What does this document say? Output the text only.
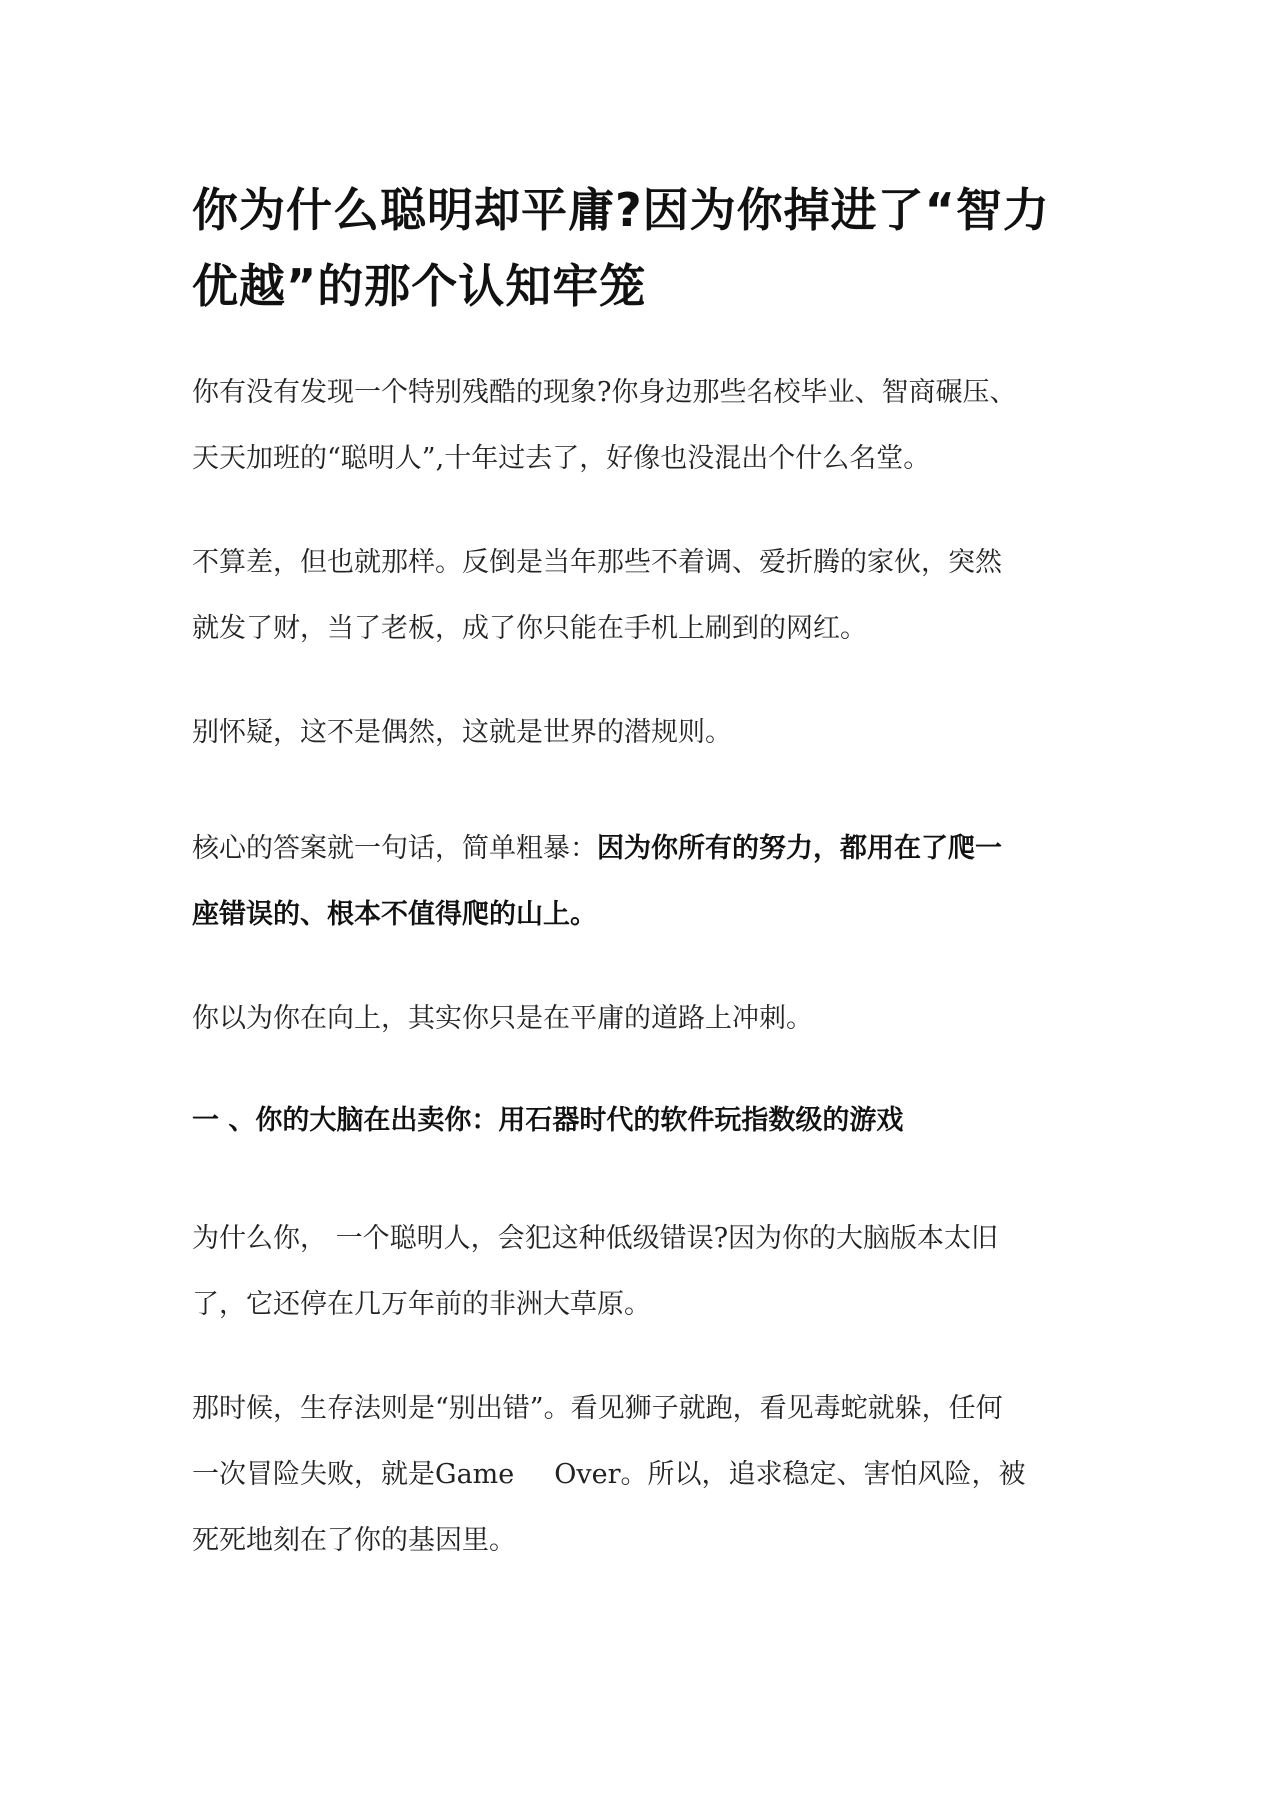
你为什么聪明却平庸?因为你掉进了“智力优越”的那个认知牢笼

你有没有发现一个特别残酷的现象?你身边那些名校毕业、智商碾压、
天天加班的“聪明人”,十年过去了，好像也没混出个什么名堂。

不算差，但也就那样。反倒是当年那些不着调、爱折腾的家伙，突然
就发了财，当了老板，成了你只能在手机上刷到的网红。

别怀疑，这不是偶然，这就是世界的潜规则。

核心的答案就一句话，简单粗暴：因为你所有的努力，都用在了爬一
座错误的、根本不值得爬的山上。

你以为你在向上，其实你只是在平庸的道路上冲刺。

一 、你的大脑在出卖你：用石器时代的软件玩指数级的游戏

为什么你， 一个聪明人，会犯这种低级错误?因为你的大脑版本太旧
了，它还停在几万年前的非洲大草原。

那时候，生存法则是“别出错”。看见狮子就跑，看见毒蛇就躲，任何
一次冒险失败，就是Game Over。所以，追求稳定、害怕风险，被
死死地刻在了你的基因里。
